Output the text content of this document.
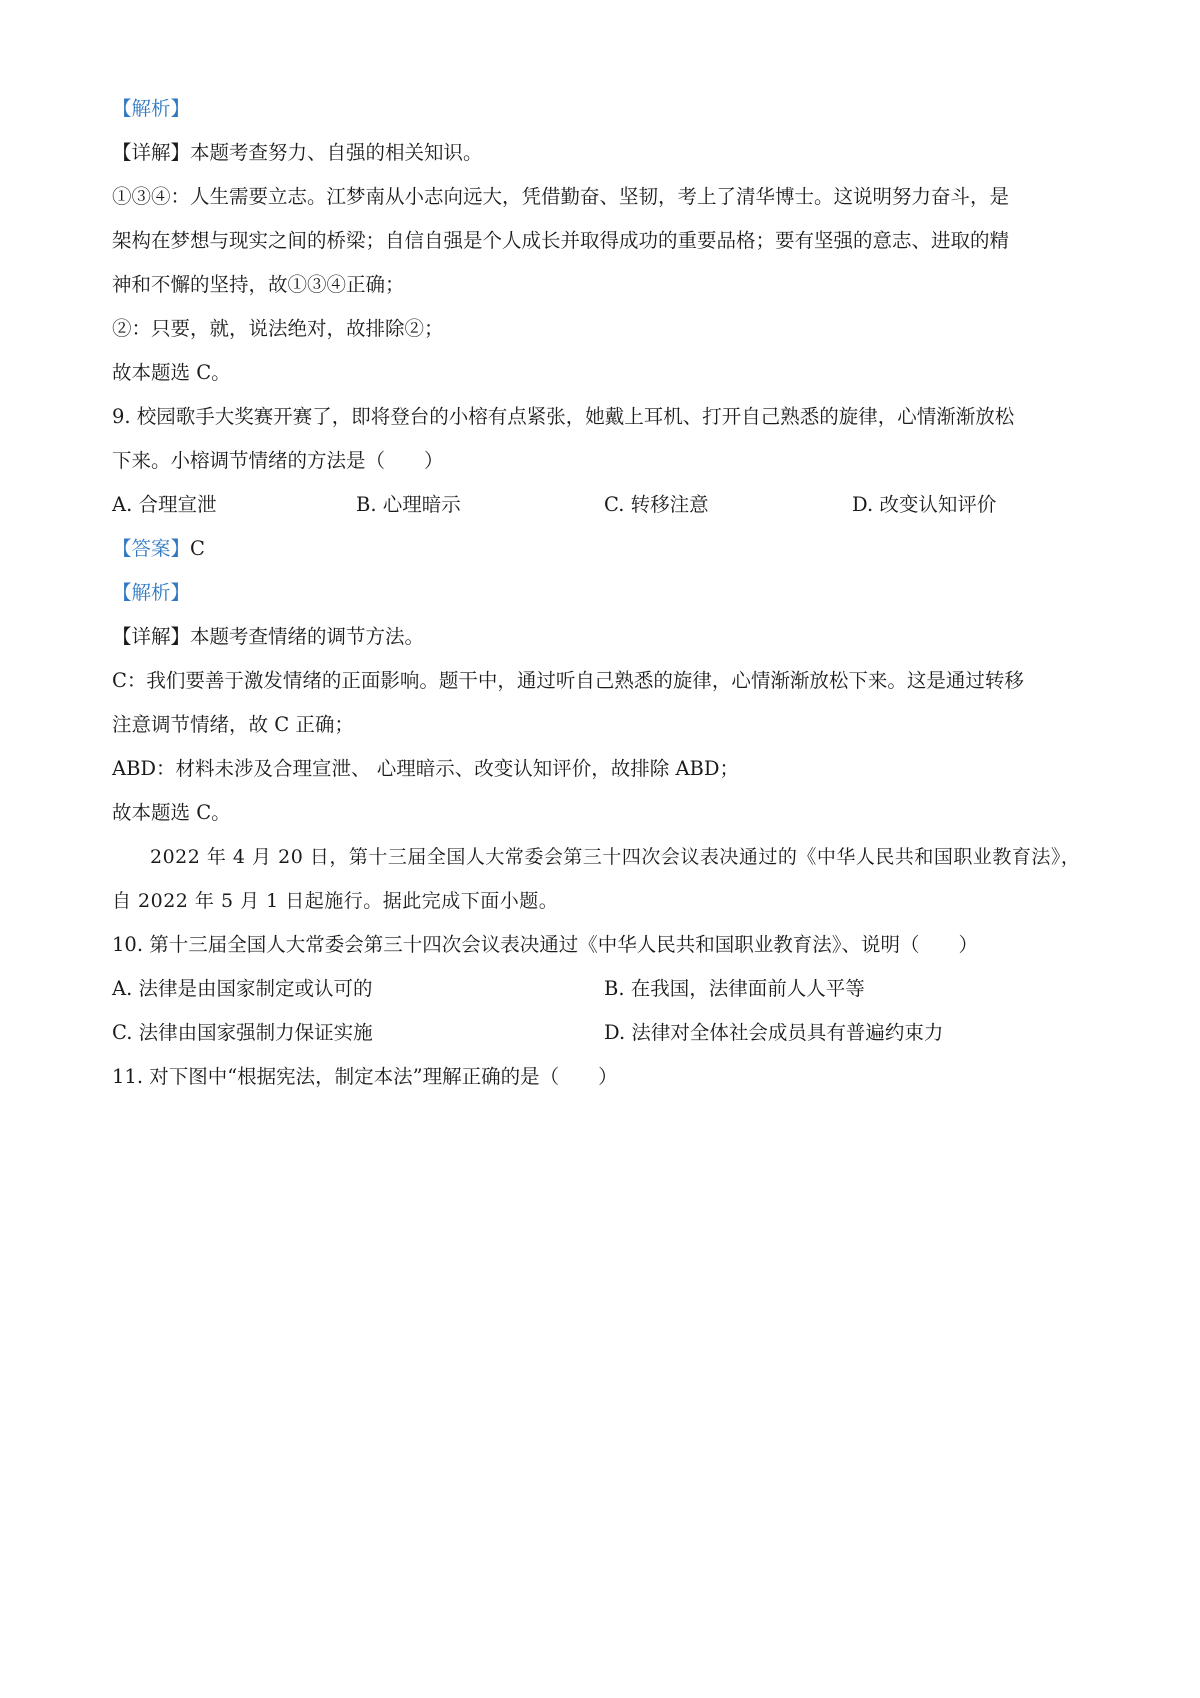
【解析】
【详解】本题考查努力、自强的相关知识。
①③④：人生需要立志。江梦南从小志向远大，凭借勤奋、坚韧，考上了清华博士。这说明努力奋斗，是
架构在梦想与现实之间的桥梁；自信自强是个人成长并取得成功的重要品格；要有坚强的意志、进取的精
神和不懈的坚持，故①③④正确；
②：只要，就，说法绝对，故排除②；
故本题选 C。
9. 校园歌手大奖赛开赛了，即将登台的小榕有点紧张，她戴上耳机、打开自己熟悉的旋律，心情渐渐放松
下来。小榕调节情绪的方法是（　　）
A. 合理宣泄	B. 心理暗示	C. 转移注意	D. 改变认知评价
【答案】C
【解析】
【详解】本题考查情绪的调节方法。
C：我们要善于激发情绪的正面影响。题干中，通过听自己熟悉的旋律，心情渐渐放松下来。这是通过转移
注意调节情绪，故 C 正确；
ABD：材料未涉及合理宣泄、 心理暗示、改变认知评价，故排除 ABD；
故本题选 C。
2022 年 4 月 20 日，第十三届全国人大常委会第三十四次会议表决通过的《中华人民共和国职业教育法》，
自 2022 年 5 月 1 日起施行。据此完成下面小题。
10. 第十三届全国人大常委会第三十四次会议表决通过《中华人民共和国职业教育法》、说明（　　）
A. 法律是由国家制定或认可的	B. 在我国，法律面前人人平等
C. 法律由国家强制力保证实施	D. 法律对全体社会成员具有普遍约束力
11. 对下图中“根据宪法，制定本法”理解正确的是（　　）
